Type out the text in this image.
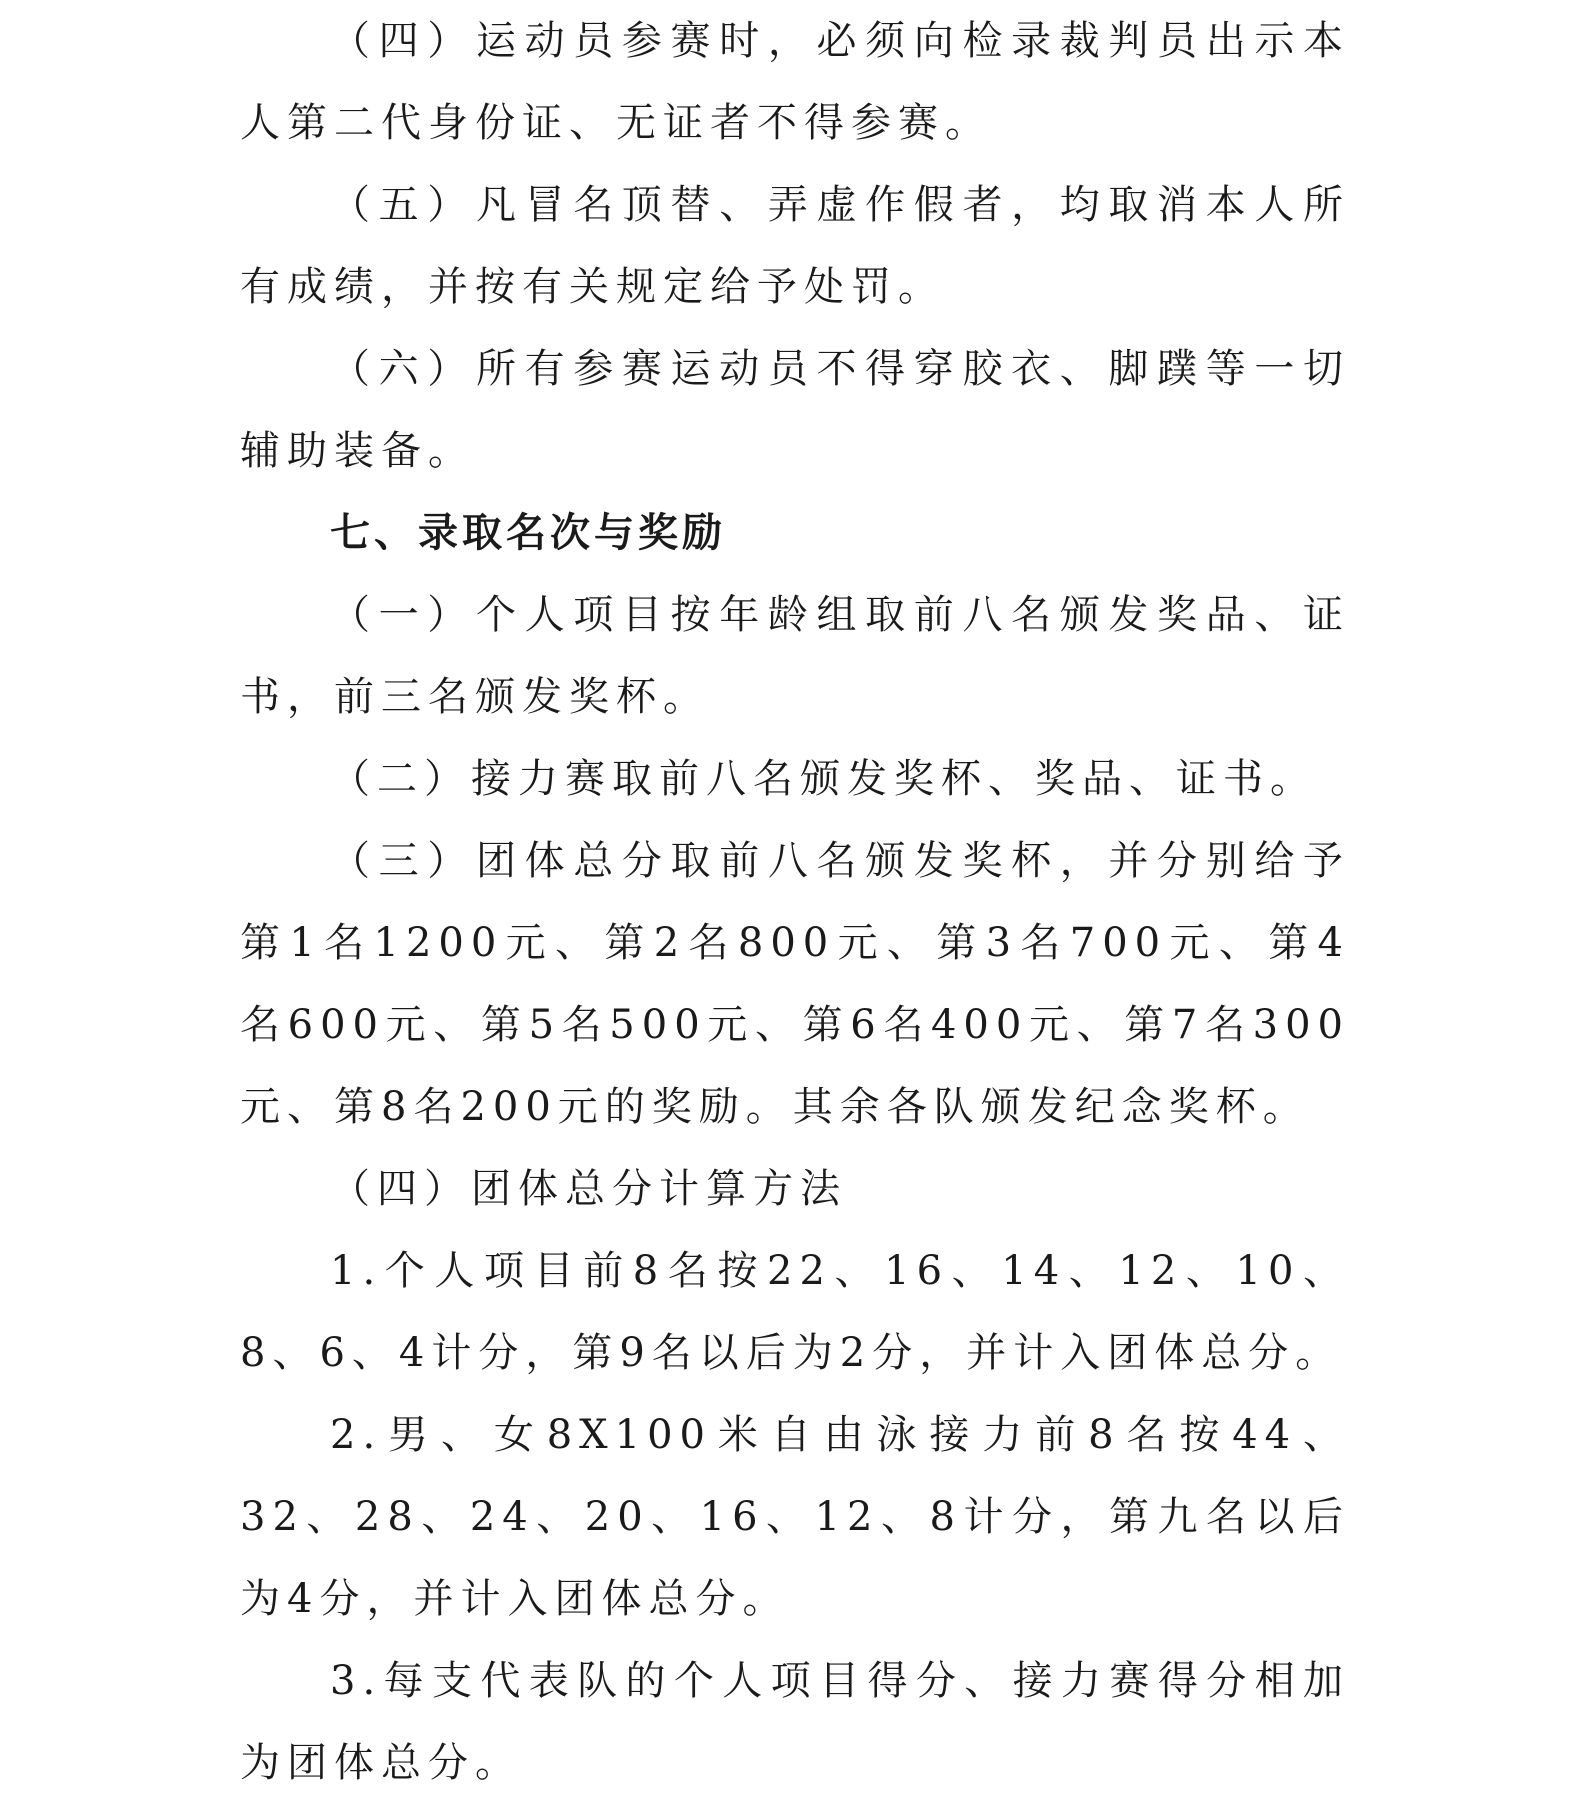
（四）运动员参赛时，必须向检录裁判员出示本人第二代身份证、无证者不得参赛。

（五）凡冒名顶替、弄虚作假者，均取消本人所有成绩，并按有关规定给予处罚。

（六）所有参赛运动员不得穿胶衣、脚蹼等一切辅助装备。

七、录取名次与奖励

（一）个人项目按年龄组取前八名颁发奖品、证书，前三名颁发奖杯。

（二）接力赛取前八名颁发奖杯、奖品、证书。

（三）团体总分取前八名颁发奖杯，并分别给予第1名1200元、第2名800元、第3名700元、第4名600元、第5名500元、第6名400元、第7名300元、第8名200元的奖励。其余各队颁发纪念奖杯。

（四）团体总分计算方法

1.个人项目前8名按22、16、14、12、10、8、6、4计分，第9名以后为2分，并计入团体总分。

2.男、女8X100米自由泳接力前8名按44、32、28、24、20、16、12、8计分，第九名以后为4分，并计入团体总分。

3.每支代表队的个人项目得分、接力赛得分相加为团体总分。
